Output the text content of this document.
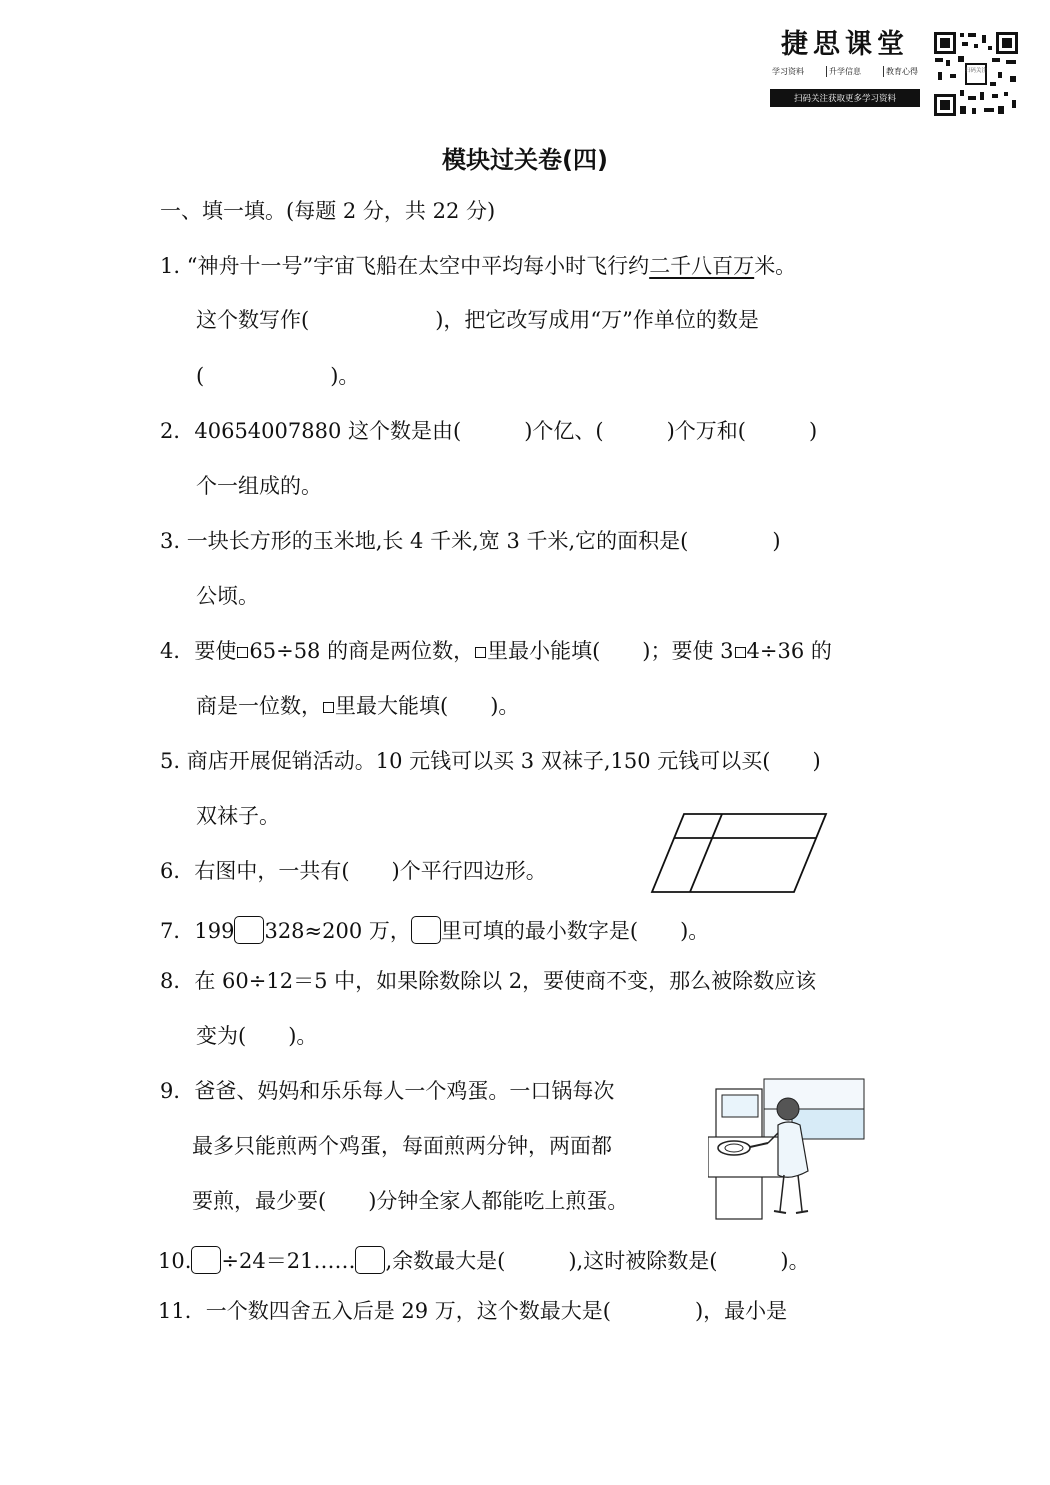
捷思课堂
学习资料	升学信息	教育心得
扫码关注获取更多学习资料
扫码关注
模块过关卷(四)
一、填一填。(每题 2 分，共 22 分)
1. “神舟十一号”宇宙飞船在太空中平均每小时飞行约二千八百万米。
这个数写作(　　　　　　)，把它改写成用“万”作单位的数是
(　　　　　　)。
2．40654007880 这个数是由(　　　)个亿、(　　　)个万和(　　　)
个一组成的。
3. 一块长方形的玉米地,长 4 千米,宽 3 千米,它的面积是(　　　　)
公顷。
4．要使 65÷58 的商是两位数， 里最小能填(　　)；要使 3 4÷36 的
商是一位数， 里最大能填(　　)。
5. 商店开展促销活动。10 元钱可以买 3 双袜子,150 元钱可以买(　　)
双袜子。
6．右图中，一共有(　　)个平行四边形。
7．199 328≈200 万， 里可填的最小数字是(　　)。
8．在 60÷12＝5 中，如果除数除以 2，要使商不变，那么被除数应该
变为(　　)。
9．爸爸、妈妈和乐乐每人一个鸡蛋。一口锅每次
最多只能煎两个鸡蛋，每面煎两分钟，两面都
要煎，最少要(　　)分钟全家人都能吃上煎蛋。
10. ÷24＝21…… ,余数最大是(　　　),这时被除数是(　　　)。
11．一个数四舍五入后是 29 万，这个数最大是(　　　　)，最小是
